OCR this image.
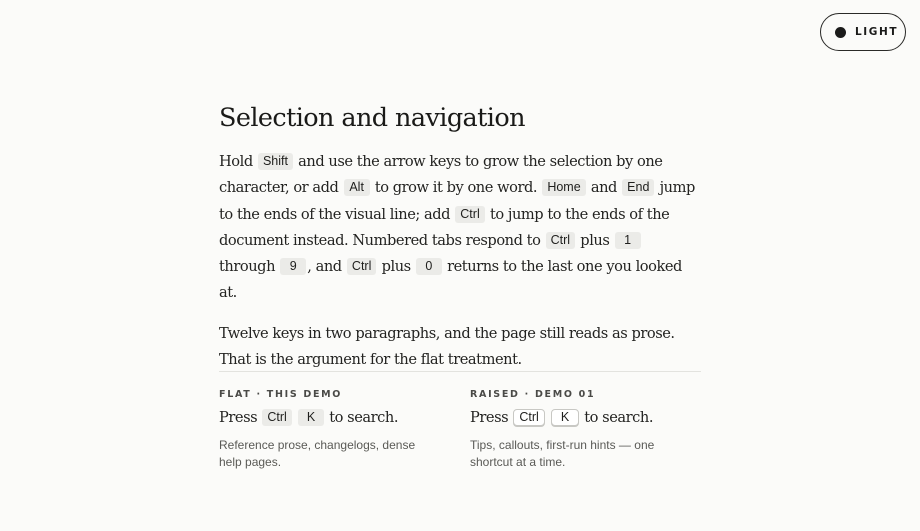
LIGHT
Selection and navigation

Hold Shift and use the arrow keys to grow the selection by one character, or add Alt to grow it by one word. Home and End jump to the ends of the visual line; add Ctrl to jump to the ends of the document instead. Numbered tabs respond to Ctrl plus 1 through 9 , and Ctrl plus 0 returns to the last one you looked at.

Twelve keys in two paragraphs, and the page still reads as prose. That is the argument for the flat treatment.

FLAT · THIS DEMO
Press Ctrl K to search.
Reference prose, changelogs, dense help pages.
RAISED · DEMO 01
Press Ctrl K to search.
Tips, callouts, first-run hints — one shortcut at a time.
